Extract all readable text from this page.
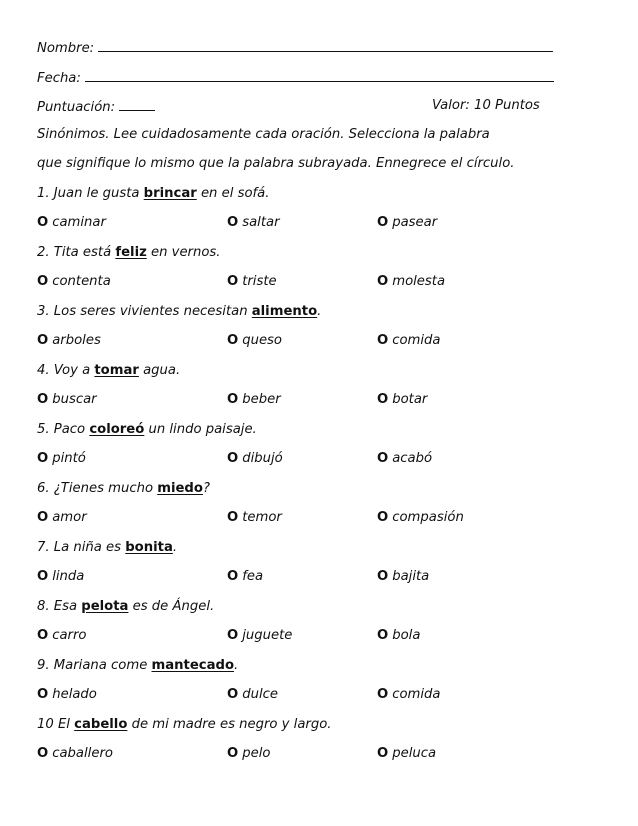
Nombre:
Fecha:
Puntuación:	Valor: 10 Puntos
Sinónimos. Lee cuidadosamente cada oración. Selecciona la palabra
que signifique lo mismo que la palabra subrayada. Ennegrece el círculo.
1. Juan le gusta brincar en el sofá.
O caminar	O saltar	O pasear
2. Tita está feliz en vernos.
O contenta	O triste	O molesta
3. Los seres vivientes necesitan alimento.
O arboles	O queso	O comida
4. Voy a tomar agua.
O buscar	O beber	O botar
5. Paco coloreó un lindo paisaje.
O pintó	O dibujó	O acabó
6. ¿Tienes mucho miedo?
O amor	O temor	O compasión
7. La niña es bonita.
O linda	O fea	O bajita
8. Esa pelota es de Ángel.
O carro	O juguete	O bola
9. Mariana come mantecado.
O helado	O dulce	O comida
10 El cabello de mi madre es negro y largo.
O caballero	O pelo	O peluca
